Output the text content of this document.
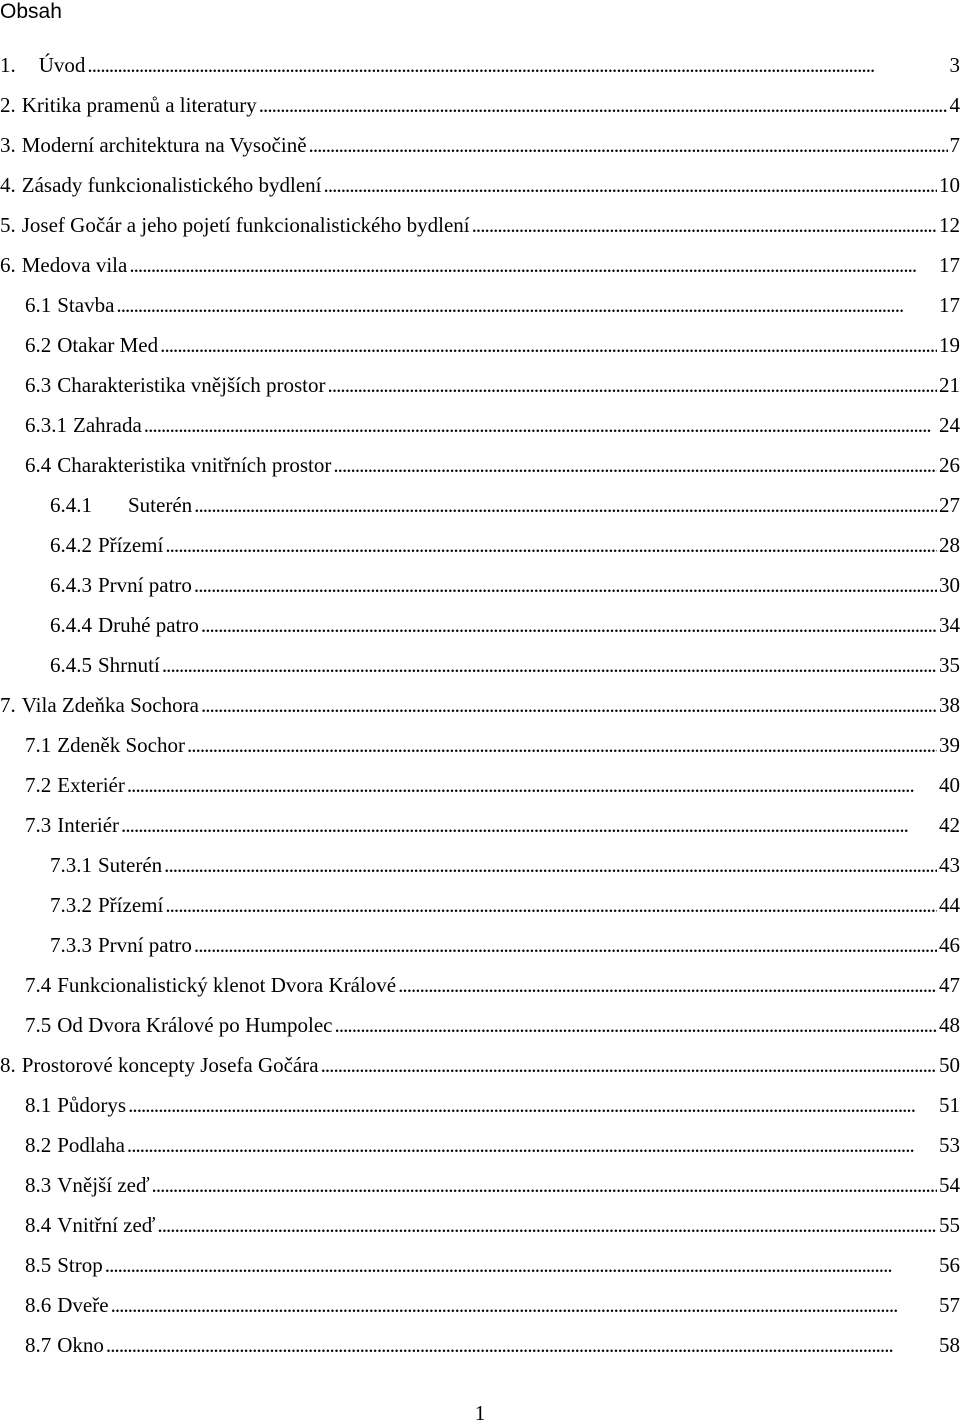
Obsah
1. Úvod . . .	3
2. Kritika pramenů a literatury . . .	4
3. Moderní architektura na Vysočině . . .	7
4. Zásady funkcionalistického bydlení . . .	10
5. Josef Gočár a jeho pojetí funkcionalistického bydlení . . .	12
6. Medova vila . . .	17
6.1 Stavba . . .	17
6.2 Otakar Med . . .	19
6.3 Charakteristika vnějších prostor . . .	21
6.3.1 Zahrada . . .	24
6.4 Charakteristika vnitřních prostor . . .	26
6.4.1 Suterén . . .	27
6.4.2 Přízemí . . .	28
6.4.3 První patro . . .	30
6.4.4 Druhé patro . . .	34
6.4.5 Shrnutí . . .	35
7. Vila Zdeňka Sochora . . .	38
7.1 Zdeněk Sochor . . .	39
7.2 Exteriér . . .	40
7.3 Interiér . . .	42
7.3.1 Suterén . . .	43
7.3.2 Přízemí . . .	44
7.3.3 První patro . . .	46
7.4 Funkcionalistický klenot Dvora Králové . . .	47
7.5 Od Dvora Králové po Humpolec . . .	48
8. Prostorové koncepty Josefa Gočára . . .	50
8.1 Půdorys . . .	51
8.2 Podlaha . . .	53
8.3 Vnější zeď . . .	54
8.4 Vnitřní zeď . . .	55
8.5 Strop . . .	56
8.6 Dveře . . .	57
8.7 Okno . . .	58
1
